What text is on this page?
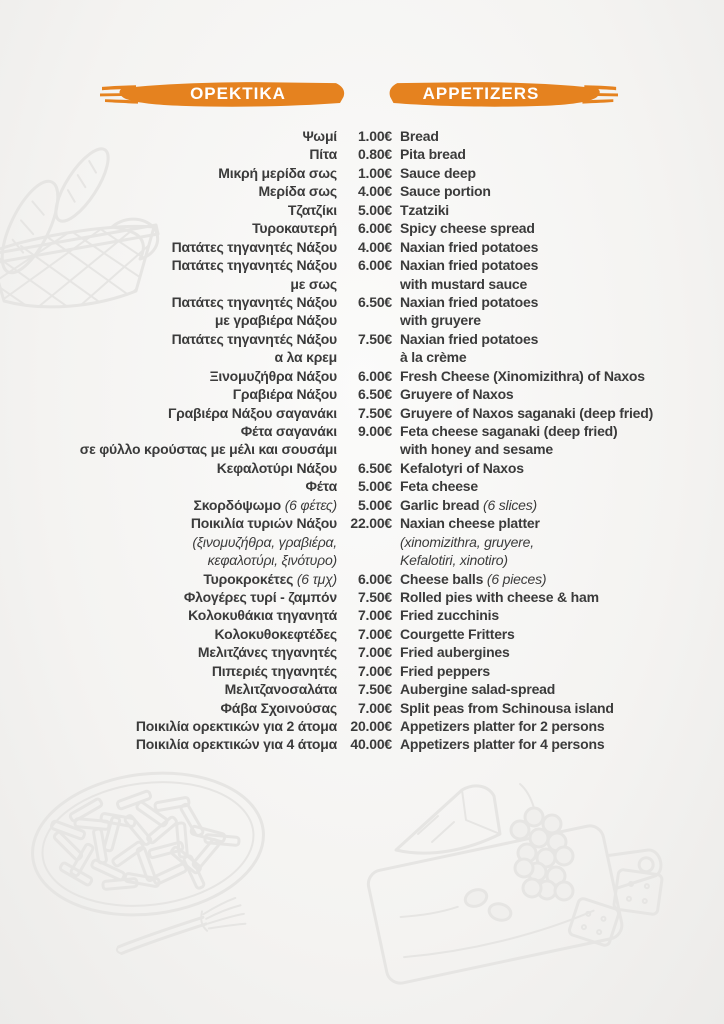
ΟΡΕΚΤΙΚΑ	APPETIZERS
Ψωμί	1.00€ Bread
Πίτα	0.80€ Pita bread
Μικρή μερίδα σως	1.00€ Sauce deep
Μερίδα σως	4.00€ Sauce portion
Τζατζίκι	5.00€ Tzatziki
Τυροκαυτερή	6.00€ Spicy cheese spread
Πατάτες τηγανητές Νάξου	4.00€ Naxian fried potatoes
Πατάτες τηγανητές Νάξου	6.00€ Naxian fried potatoes
με σως	with mustard sauce
Πατάτες τηγανητές Νάξου	6.50€ Naxian fried potatoes
με γραβιέρα Νάξου	with gruyere
Πατάτες τηγανητές Νάξου	7.50€ Naxian fried potatoes
α λα κρεμ	à la crème
Ξινομυζήθρα Νάξου	6.00€ Fresh Cheese (Xinomizithra) of Naxos
Γραβιέρα Νάξου	6.50€ Gruyere of Naxos
Γραβιέρα Νάξου σαγανάκι	7.50€ Gruyere of Naxos saganaki (deep fried)
Φέτα σαγανάκι	9.00€ Feta cheese saganaki (deep fried)
σε φύλλο κρούστας με μέλι και σουσάμι	with honey and sesame
Κεφαλοτύρι Νάξου	6.50€ Kefalotyri of Naxos
Φέτα	5.00€ Feta cheese
Σκορδόψωμο (6 φέτες)	5.00€ Garlic bread (6 slices)
Ποικιλία τυριών Νάξου 22.00€ Naxian cheese platter
(ξινομυζήθρα, γραβιέρα,	(xinomizithra, gruyere,
κεφαλοτύρι, ξινότυρο)	Kefalotiri, xinotiro)
Τυροκροκέτες (6 τμχ)	6.00€ Cheese balls (6 pieces)
Φλογέρες τυρί - ζαμπόν	7.50€ Rolled pies with cheese & ham
Κολοκυθάκια τηγανητά	7.00€ Fried zucchinis
Κολοκυθοκεφτέδες	7.00€ Courgette Fritters
Μελιτζάνες τηγανητές	7.00€ Fried aubergines
Πιπεριές τηγανητές	7.00€ Fried peppers
Μελιτζανοσαλάτα	7.50€ Aubergine salad-spread
Φάβα Σχοινούσας	7.00€ Split peas from Schinousa island
Ποικιλία ορεκτικών για 2 άτομα 20.00€ Appetizers platter for 2 persons
Ποικιλία ορεκτικών για 4 άτομα 40.00€ Appetizers platter for 4 persons
